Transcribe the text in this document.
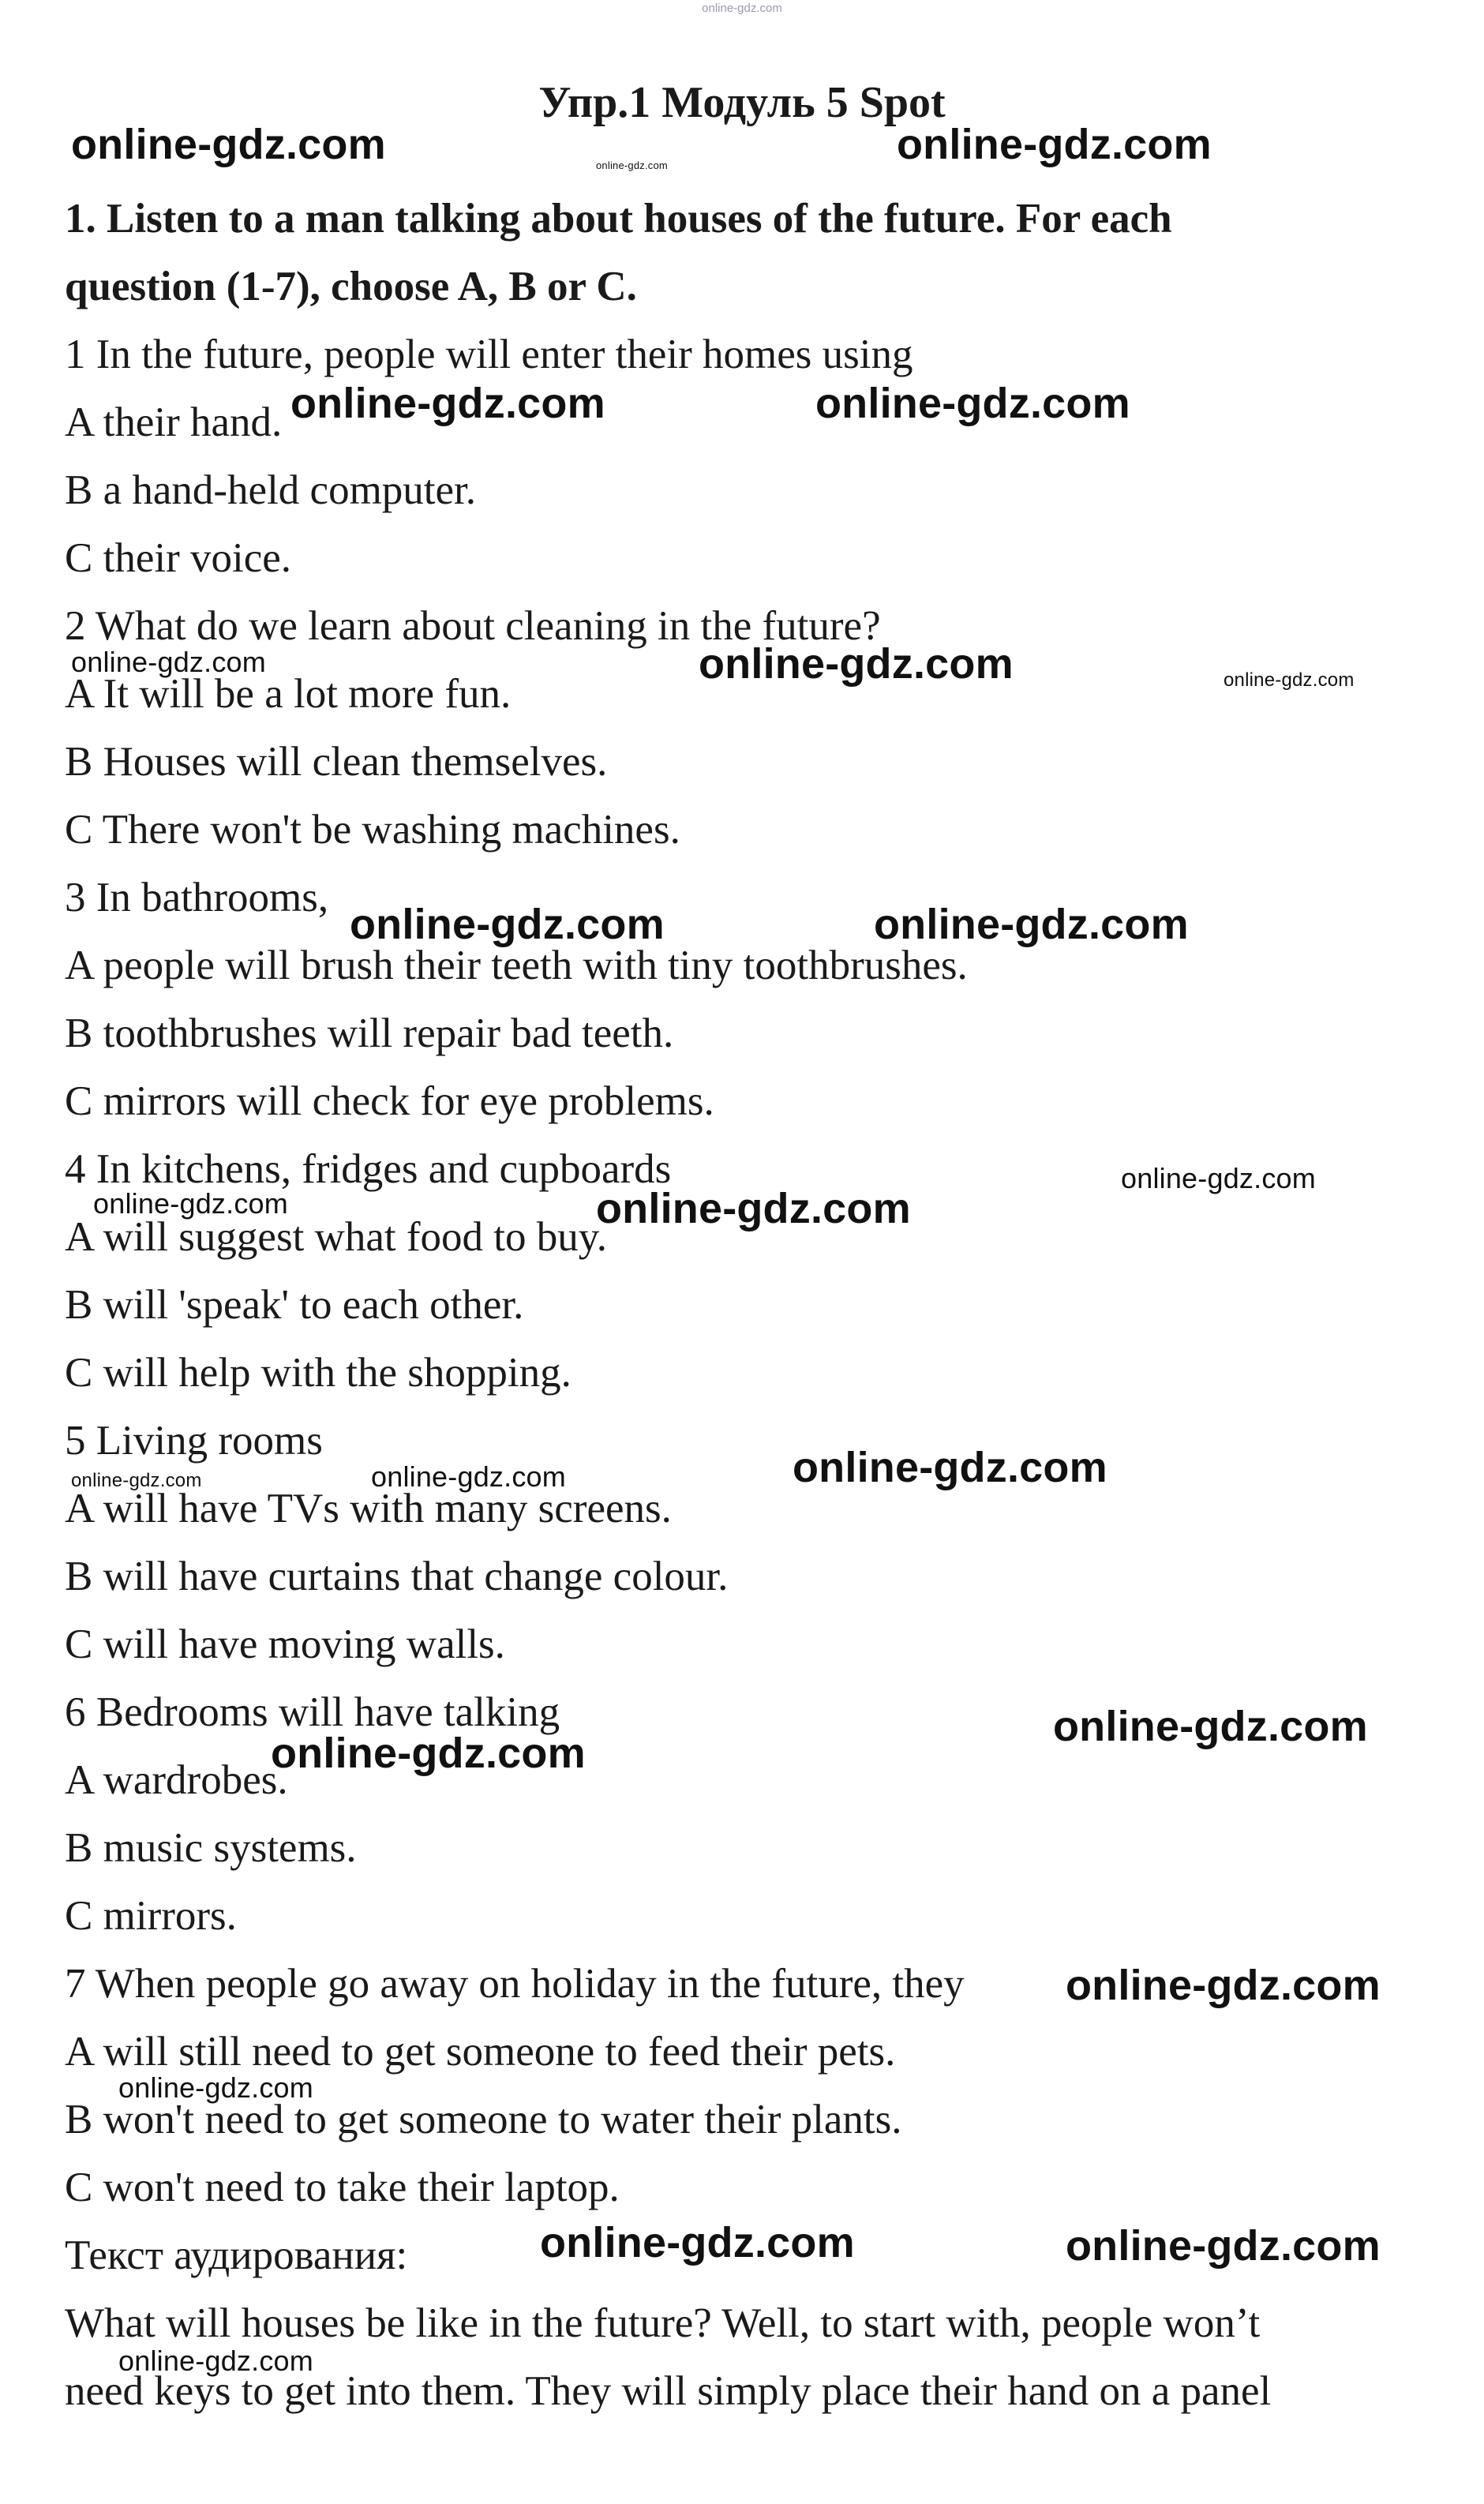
online-gdz.com
Упр.1 Модуль 5 Spot
1. Listen to a man talking about houses of the future. For each
question (1-7), choose A, B or C.
1 In the future, people will enter their homes using
A their hand.
B a hand-held computer.
C their voice.
2 What do we learn about cleaning in the future?
A It will be a lot more fun.
B Houses will clean themselves.
C There won't be washing machines.
3 In bathrooms,
A people will brush their teeth with tiny toothbrushes.
B toothbrushes will repair bad teeth.
C mirrors will check for eye problems.
4 In kitchens, fridges and cupboards
A will suggest what food to buy.
B will 'speak' to each other.
C will help with the shopping.
5 Living rooms
A will have TVs with many screens.
B will have curtains that change colour.
C will have moving walls.
6 Bedrooms will have talking
A wardrobes.
B music systems.
C mirrors.
7 When people go away on holiday in the future, they
A will still need to get someone to feed their pets.
B won't need to get someone to water their plants.
C won't need to take their laptop.
Текст аудирования:
What will houses be like in the future? Well, to start with, people won’t
need keys to get into them. They will simply place their hand on a panel
online-gdz.com	online-gdz.com	online-gdz.com
online-gdz.com	online-gdz.com
online-gdz.com	online-gdz.com	online-gdz.com
online-gdz.com	online-gdz.com
online-gdz.com
online-gdz.com	online-gdz.com
online-gdz.com
online-gdz.com	online-gdz.com
online-gdz.com
online-gdz.com
online-gdz.com
online-gdz.com
online-gdz.com	online-gdz.com
online-gdz.com
